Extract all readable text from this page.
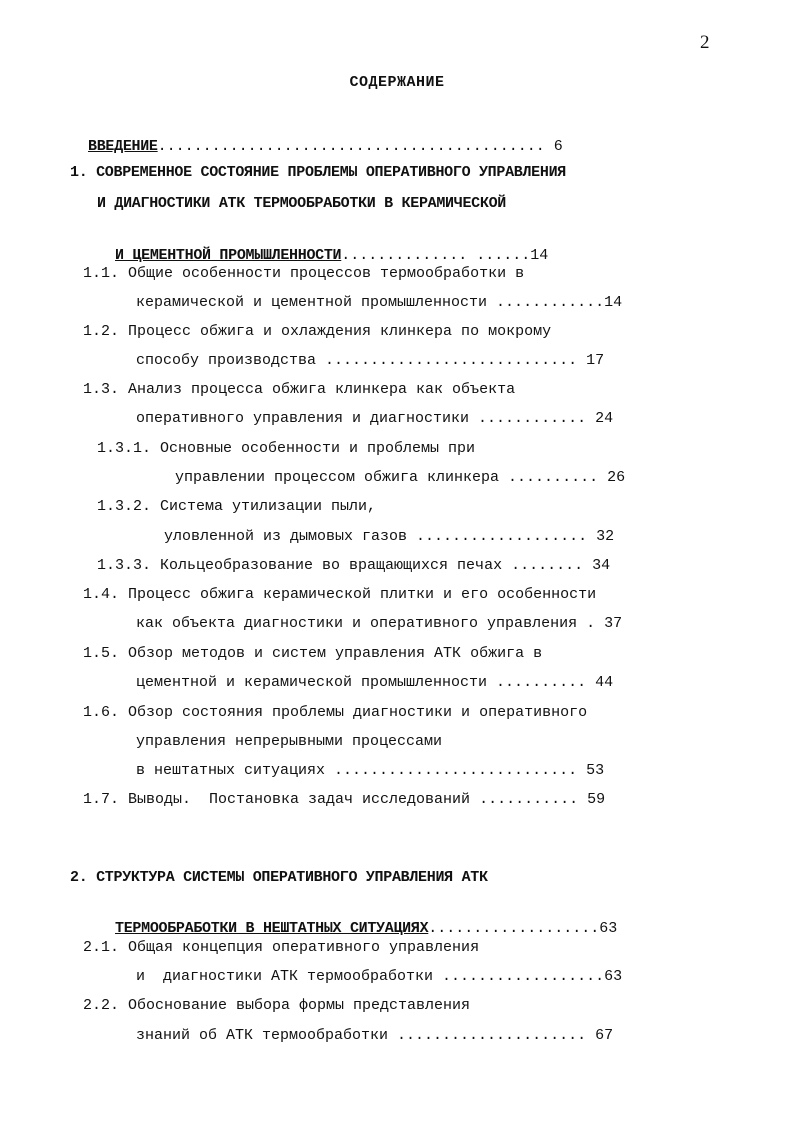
2
СОДЕРЖАНИЕ

ВВЕДЕНИЕ........................................... 6

1. СОВРЕМЕННОЕ СОСТОЯНИЕ ПРОБЛЕМЫ ОПЕРАТИВНОГО УПРАВЛЕНИЯ
И ДИАГНОСТИКИ АТК ТЕРМООБРАБОТКИ В КЕРАМИЧЕСКОЙ

И ЦЕМЕНТНОЙ ПРОМЫШЛЕННОСТИ.............. ......14

1.1. Общие особенности процессов термообработки в
керамической и цементной промышленности ............14
1.2. Процесс обжига и охлаждения клинкера по мокрому
способу производства ............................ 17
1.3. Анализ процесса обжига клинкера как объекта
оперативного управления и диагностики ............ 24
1.3.1. Основные особенности и проблемы при
управлении процессом обжига клинкера .......... 26
1.3.2. Система утилизации пыли,
уловленной из дымовых газов ................... 32
1.3.3. Кольцеобразование во вращающихся печах ........ 34
1.4. Процесс обжига керамической плитки и его особенности
как объекта диагностики и оперативного управления . 37
1.5. Обзор методов и систем управления АТК обжига в
цементной и керамической промышленности .......... 44
1.6. Обзор состояния проблемы диагностики и оперативного
управления непрерывными процессами
в нештатных ситуациях ........................... 53
1.7. Выводы.  Постановка задач исследований ........... 59
2. СТРУКТУРА СИСТЕМЫ ОПЕРАТИВНОГО УПРАВЛЕНИЯ АТК

ТЕРМООБРАБОТКИ В НЕШТАТНЫХ СИТУАЦИЯХ...................63

2.1. Общая концепция оперативного управления
и  диагностики АТК термообработки ..................63
2.2. Обоснование выбора формы представления
знаний об АТК термообработки ..................... 67
